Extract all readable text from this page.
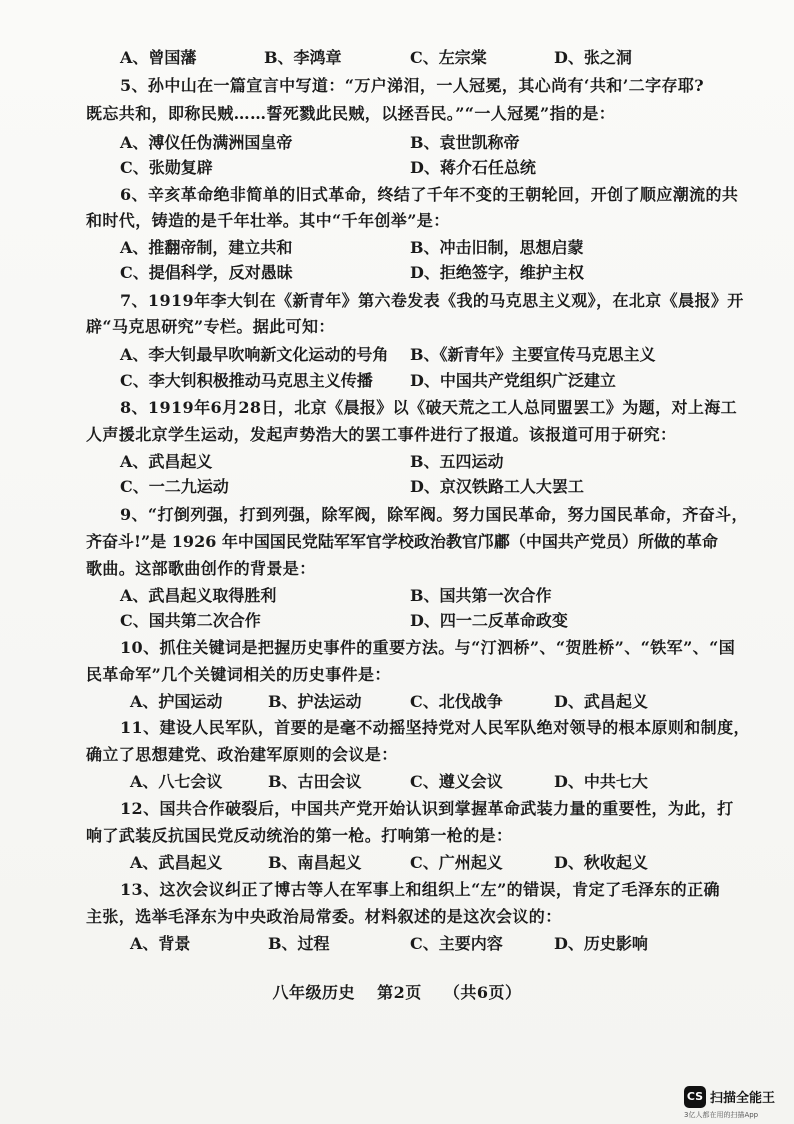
A、曾国藩	B、李鸿章	C、左宗棠	D、张之洞
5、孙中山在一篇宣言中写道：“万户涕泪，一人冠冕，其心尚有‘共和’二字存耶?
既忘共和，即称民贼……誓死戮此民贼，以拯吾民。”“一人冠冕”指的是：
A、溥仪任伪满洲国皇帝	B、袁世凯称帝
C、张勋复辟	D、蒋介石任总统
6、辛亥革命绝非简单的旧式革命，终结了千年不变的王朝轮回，开创了顺应潮流的共
和时代，铸造的是千年壮举。其中“千年创举”是：
A、推翻帝制，建立共和	B、冲击旧制，思想启蒙
C、提倡科学，反对愚昧	D、拒绝签字，维护主权
7、1919年李大钊在《新青年》第六卷发表《我的马克思主义观》，在北京《晨报》开
辟“马克思研究”专栏。据此可知：
A、李大钊最早吹响新文化运动的号角 B、《新青年》主要宣传马克思主义
C、李大钊积极推动马克思主义传播 D、中国共产党组织广泛建立
8、1919年6月28日，北京《晨报》以《破天荒之工人总同盟罢工》为题，对上海工
人声援北京学生运动，发起声势浩大的罢工事件进行了报道。该报道可用于研究：
A、武昌起义	B、五四运动
C、一二九运动	D、京汉铁路工人大罢工
9、“打倒列强，打到列强，除军阀，除军阀。努力国民革命，努力国民革命，齐奋斗，
齐奋斗!”是 1926 年中国国民党陆军军官学校政治教官邝鄘（中国共产党员）所做的革命
歌曲。这部歌曲创作的背景是：
A、武昌起义取得胜利	B、国共第一次合作
C、国共第二次合作	D、四一二反革命政变
10、抓住关键词是把握历史事件的重要方法。与“汀泗桥”、“贺胜桥”、“铁军”、“国
民革命军”几个关键词相关的历史事件是：
A、护国运动	B、护法运动	C、北伐战争	D、武昌起义
11、建设人民军队，首要的是毫不动摇坚持党对人民军队绝对领导的根本原则和制度，
确立了思想建党、政治建军原则的会议是：
A、八七会议	B、古田会议	C、遵义会议	D、中共七大
12、国共合作破裂后，中国共产党开始认识到掌握革命武装力量的重要性，为此，打
响了武装反抗国民党反动统治的第一枪。打响第一枪的是：
A、武昌起义	B、南昌起义	C、广州起义	D、秋收起义
13、这次会议纠正了博古等人在军事上和组织上“左”的错误，肯定了毛泽东的正确
主张，选举毛泽东为中央政治局常委。材料叙述的是这次会议的：
A、背景	B、过程	C、主要内容	D、历史影响
八年级历史 第2页 （共6页）
CS 扫描全能王
3亿人都在用的扫描App
